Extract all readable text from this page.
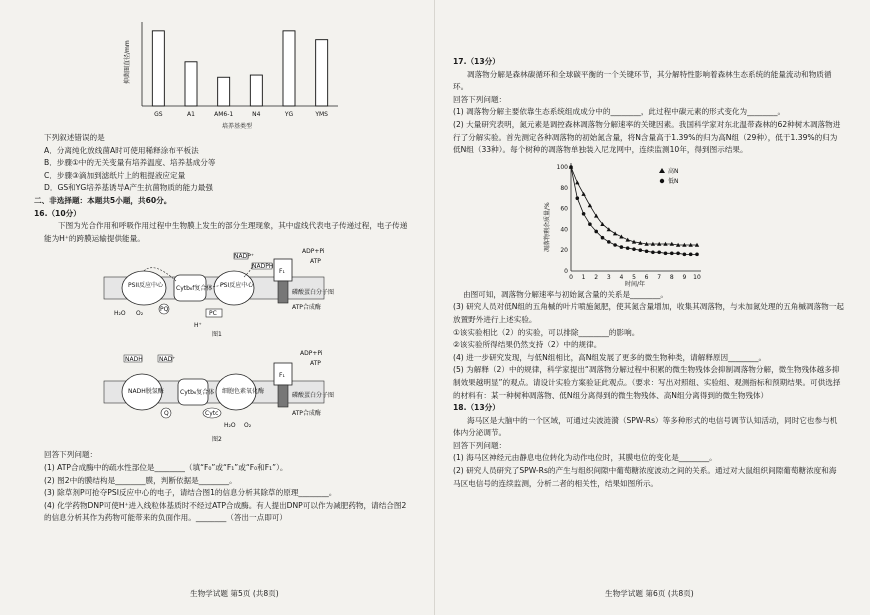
抑菌圈直径/mm
GS	A1	AM6-1	N4	YG	YMS
培养基类型

下列叙述错误的是

A．分离纯化放线菌A时可使用稀释涂布平板法

B．步骤①中的无关变量有培养温度、培养基成分等

C．步骤③滴加到滤纸片上的粗提液应定量

D．GS和YG培养基诱导A产生抗菌物质的能力最强

二、非选择题：本题共5小题，共60分。

16.（10分）

下图为光合作用和呼吸作用过程中生物膜上发生的部分生理现象，其中虚线代表电子传递过程，电子传递能为H⁺的跨膜运输提供能量。

PSII反应中心 Cytb₆f复合体 PSI反应中心
PQ
PC
F₁
磷酸蛋白分子图
ATP合成酶
NADP⁺
NADPH
ATP
ADP+Pi
H₂O O₂
H⁺
图1

NADH	NAD⁺
NADH脱氢酶	Cytb₆复合体 细胞色素氧化酶
Q	Cytc
F₁
磷酸蛋白分子图
ATP合成酶
ATP
ADP+Pi
H₂O O₂
图2

回答下列问题：

(1) ATP合成酶中的疏水性部位是________（填“F₀”或“F₁”或“F₀和F₁”）。

(2) 图2中的膜结构是________膜，判断依据是________。

(3) 除草剂P可抢夺PSI反应中心的电子，请结合图1的信息分析其除草的原理________。

(4) 化学药物DNP可使H⁺进入线粒体基质时不经过ATP合成酶。有人提出DNP可以作为减肥药物，请结合图2的信息分析其作为药物可能带来的负面作用。________（答出一点即可）

生物学试题 第5页 (共8页)

17.（13分）

凋落物分解是森林碳循环和全球碳平衡的一个关键环节，其分解特性影响着森林生态系统的能量流动和物质循环。

回答下列问题：

(1) 凋落物分解主要依靠生态系统组成成分中的________，此过程中碳元素的形式变化为________。

(2) 大量研究表明，氮元素是调控森林凋落物分解速率的关键因素。我国科学家对东北温带森林的62种树木凋落物进行了分解实验。首先测定各种凋落物的初始氮含量，将N含量高于1.39%的归为高N组（29种），低于1.39%的归为低N组（33种）。每个树种的凋落物单独装入尼龙网中，连续监测10年，得到图示结果。

凋落物剩余质量/%
0
20
40
60
80
100
0 1 2 3 4 5 6 7 8 9 10
高N
低N
时间/年

由图可知，凋落物分解速率与初始氮含量的关系是________。

(3) 研究人员对低N组的五角槭的叶片喷施氮肥，使其氮含量增加，收集其凋落物，与未加氮处理的五角槭凋落物一起放置野外进行上述实验。
①该实验相比（2）的实验，可以排除________的影响。
②该实验所得结果仍然支持（2）中的规律。

(4) 进一步研究发现，与低N组相比，高N组发展了更多的微生物种类，请解释原因________。

(5) 为解释（2）中的规律，科学家提出“凋落物分解过程中积累的微生物残体会抑制凋落物分解，微生物残体越多抑制效果越明显”的观点。请设计实验方案验证此观点。（要求：写出对照组、实验组、观测指标和预期结果。可供选择的材料有：某一种树种凋落物、低N组分离得到的微生物残体、高N组分离得到的微生物残体）

18.（13分）

海马区是大脑中的一个区域，可通过尖波涟漪（SPW-Rs）等多种形式的电信号调节认知活动，同时它也参与机体内分泌调节。

回答下列问题：

(1) 海马区神经元由静息电位转化为动作电位时，其膜电位的变化是________。

(2) 研究人员研究了SPW-Rs的产生与组织间隙中葡萄糖浓度波动之间的关系。通过对大鼠组织间隙葡萄糖浓度和海马区电信号的连续监测，分析二者的相关性，结果如图所示。

生物学试题 第6页 (共8页)
